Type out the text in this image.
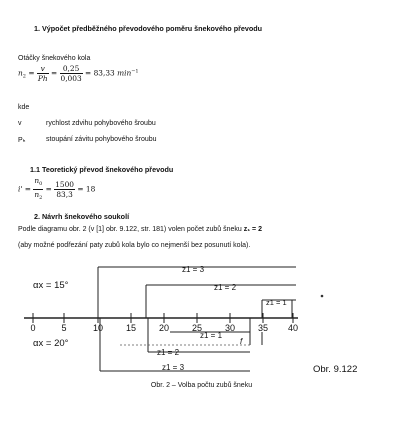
1. Výpočet předběžného převodového poměru šnekového převodu
Otáčky šnekového kola
$n_2 = \frac{v}{Ph} = \frac{0,25}{0,003} = 83,33$ $\min^{-1}$
kde
v	rychlost zdvihu pohybového šroubu
Pₕ	stoupání závitu pohybového šroubu
1.1 Teoretický převod šnekového převodu
$i' = \frac{n_0}{n_2} = \frac{1500}{83,3} = 18$
2. Návrh šnekového soukolí
Podle diagramu obr. 2 (v [1] obr. 9.122, str. 181) volen počet zubů šneku z₁ = 2
(aby možné podřezání paty zubů kola bylo co nejmenší bez posunutí kola).
αx = 15°
αx = 20°
0	5	10	15	20	25	30	35 40
z1 = 3
z1 = 2
z1 = 1
z1 = 1
z1 = 2
z1 = 3
f
Obr. 9.122
Obr. 2 – Volba počtu zubů šneku
